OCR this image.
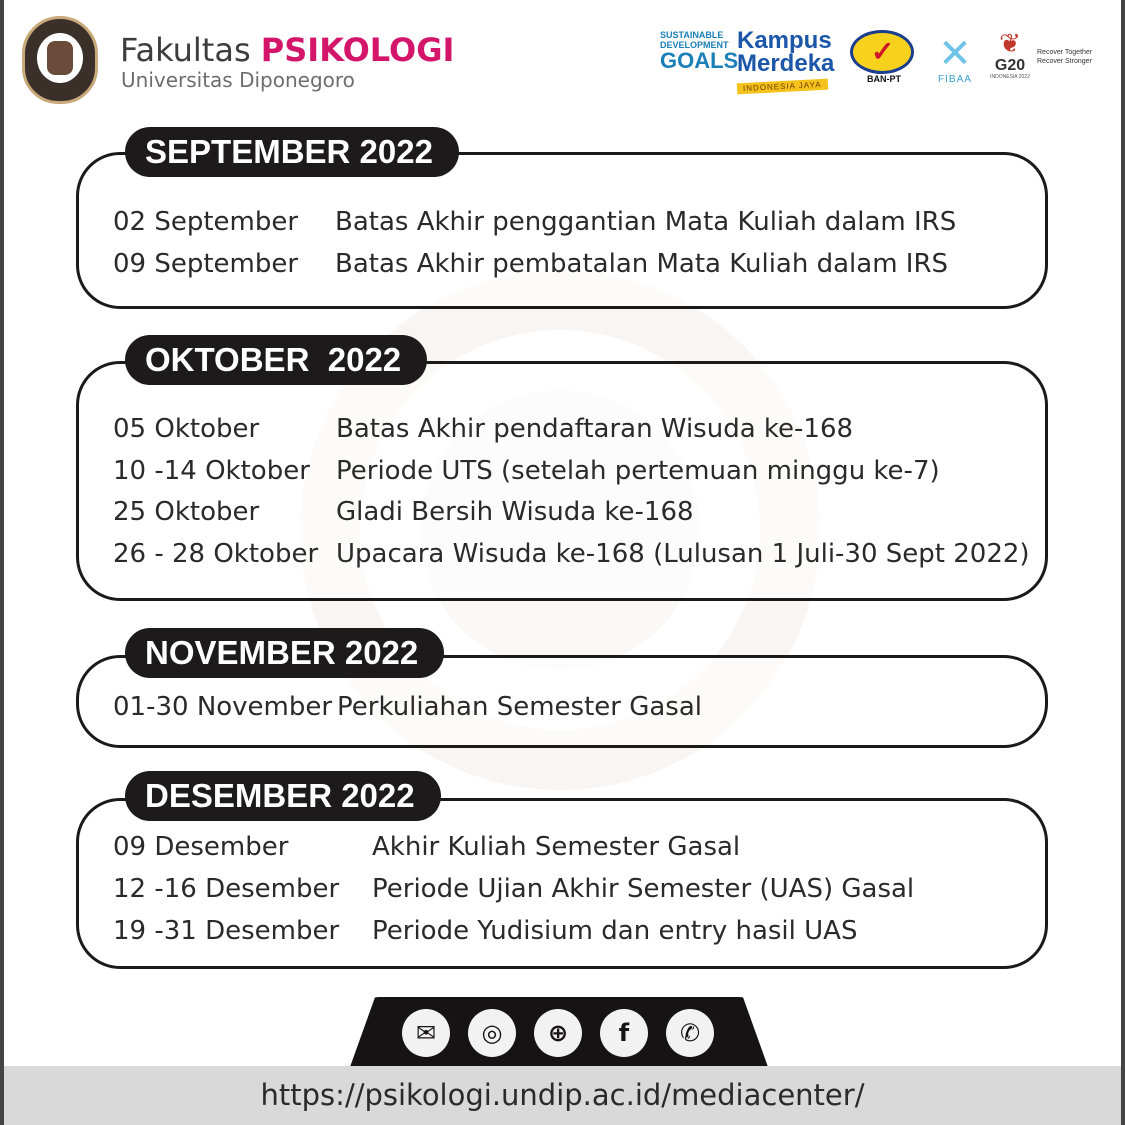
Fakultas PSIKOLOGI
Universitas Diponegoro
SUSTAINABLE
DEVELOPMENT
GOALS
Kampus
Merdeka
INDONESIA JAYA
✓
BAN-PT
✕
FIBAA
❦
G20
INDONESIA 2022
Recover Together
Recover Stronger
SEPTEMBER 2022
02 September Batas Akhir penggantian Mata Kuliah dalam IRS
09 September Batas Akhir pembatalan Mata Kuliah dalam IRS
OKTOBER  2022
05 Oktober	Batas Akhir pendaftaran Wisuda ke-168
10 -14 Oktober Periode UTS (setelah pertemuan minggu ke-7)
25 Oktober	Gladi Bersih Wisuda ke-168
26 - 28 Oktober Upacara Wisuda ke-168 (Lulusan 1 Juli-30 Sept 2022)
NOVEMBER 2022
01-30 November Perkuliahan Semester Gasal
DESEMBER 2022
09 Desember	Akhir Kuliah Semester Gasal
12 -16 Desember Periode Ujian Akhir Semester (UAS) Gasal
19 -31 Desember Periode Yudisium dan entry hasil UAS
✉	◎	⊕	f	✆
https://psikologi.undip.ac.id/mediacenter/
